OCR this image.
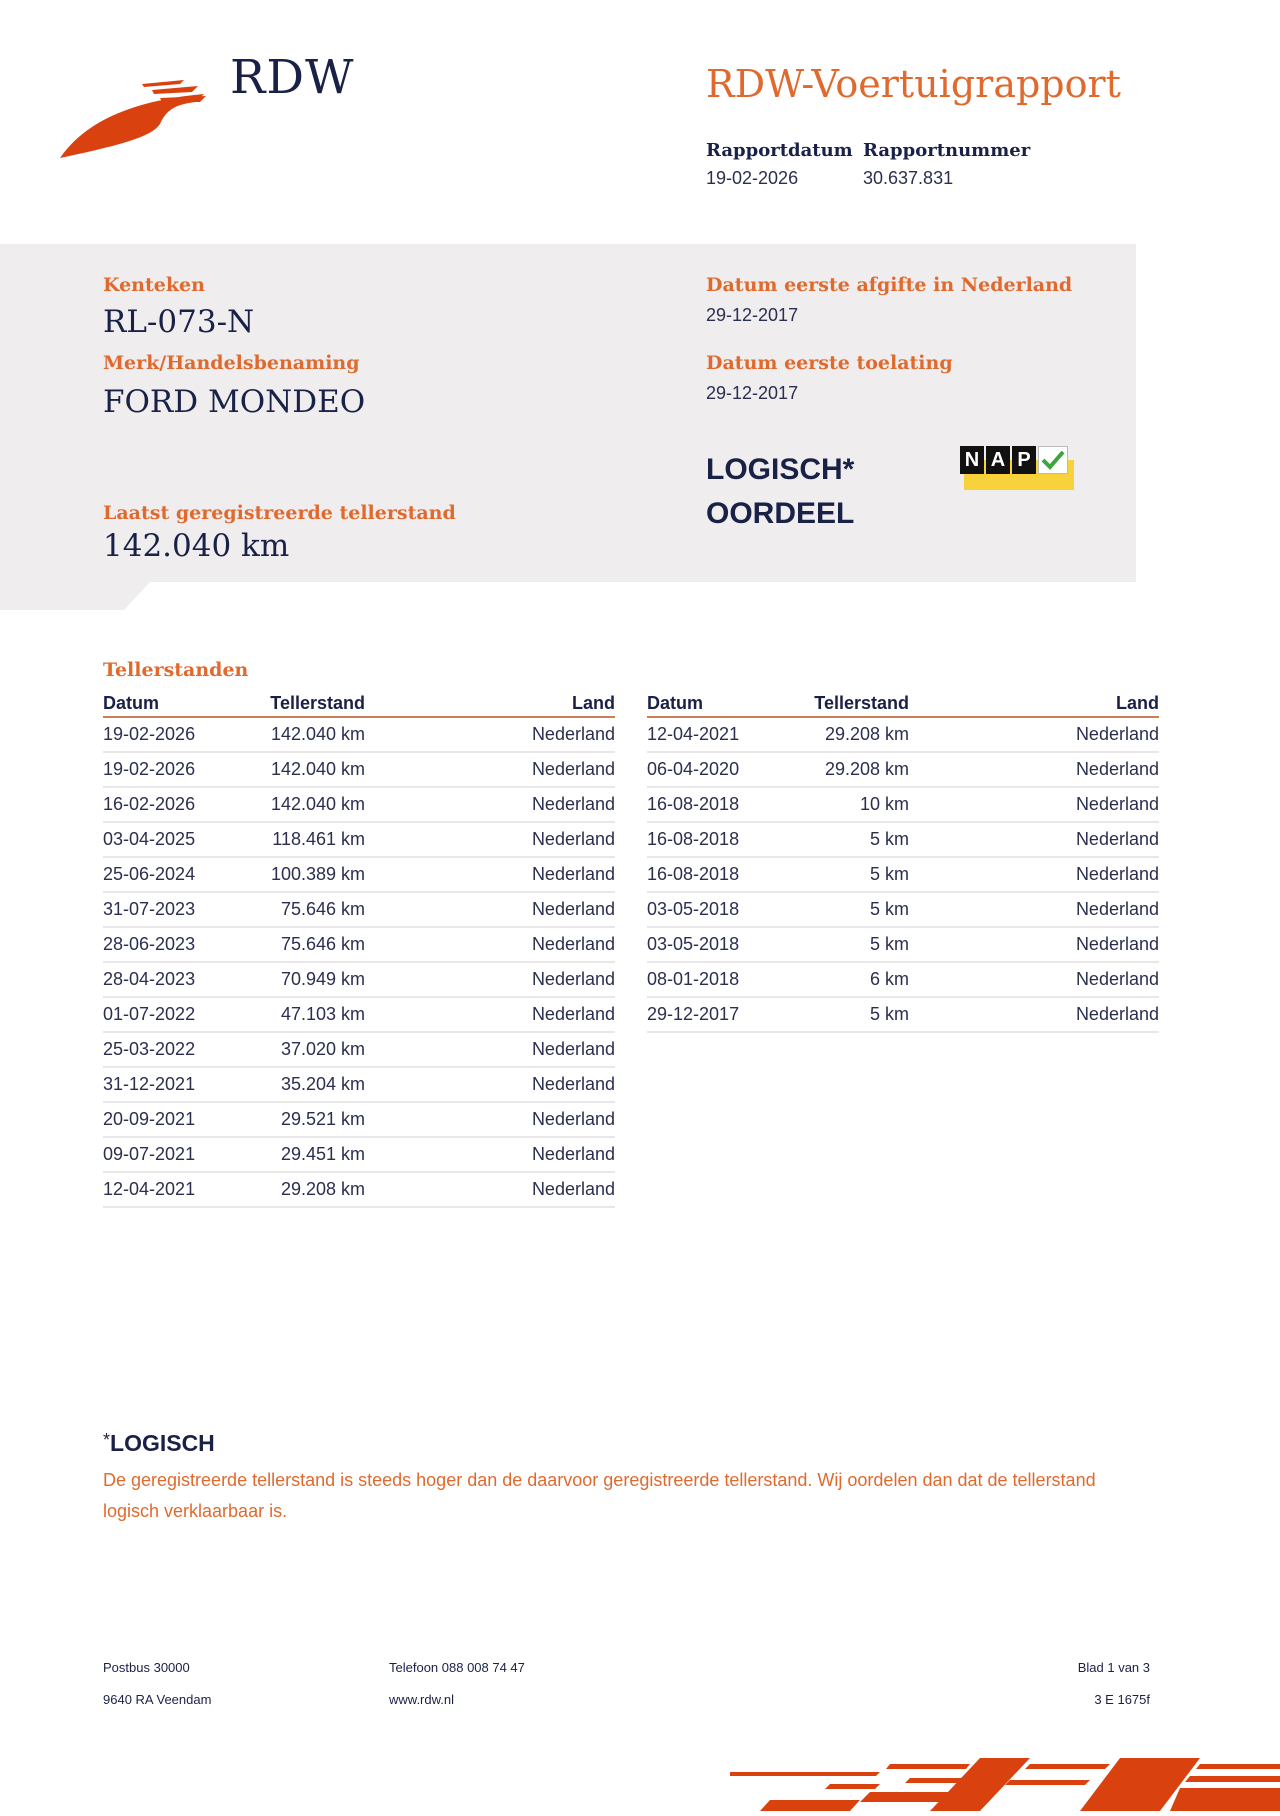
RDW	RDW-Voertuigrapport
Rapportdatum
19-02-2026
Rapportnummer
30.637.831
Kenteken
RL-073-N
Merk/Handelsbenaming
FORD MONDEO
Laatst geregistreerde tellerstand
142.040 km
Datum eerste afgifte in Nederland
29-12-2017
Datum eerste toelating
29-12-2017
LOGISCH*
OORDEEL
N A P
Tellerstanden
Datum	Tellerstand	Land
19-02-2026	142.040 km	Nederland
19-02-2026	142.040 km	Nederland
16-02-2026	142.040 km	Nederland
03-04-2025	118.461 km	Nederland
25-06-2024	100.389 km	Nederland
31-07-2023	75.646 km	Nederland
28-06-2023	75.646 km	Nederland
28-04-2023	70.949 km	Nederland
01-07-2022	47.103 km	Nederland
25-03-2022	37.020 km	Nederland
31-12-2021	35.204 km	Nederland
20-09-2021	29.521 km	Nederland
09-07-2021	29.451 km	Nederland
12-04-2021	29.208 km	Nederland
Datum	Tellerstand	Land
12-04-2021	29.208 km	Nederland
06-04-2020	29.208 km	Nederland
16-08-2018	10 km	Nederland
16-08-2018	5 km	Nederland
16-08-2018	5 km	Nederland
03-05-2018	5 km	Nederland
03-05-2018	5 km	Nederland
08-01-2018	6 km	Nederland
29-12-2017	5 km	Nederland
*LOGISCH
De geregistreerde tellerstand is steeds hoger dan de daarvoor geregistreerde tellerstand. Wij oordelen dan dat de tellerstand logisch verklaarbaar is.
Postbus 30000
9640 RA Veendam
Telefoon 088 008 74 47
www.rdw.nl
Blad 1 van 3
3 E 1675f
